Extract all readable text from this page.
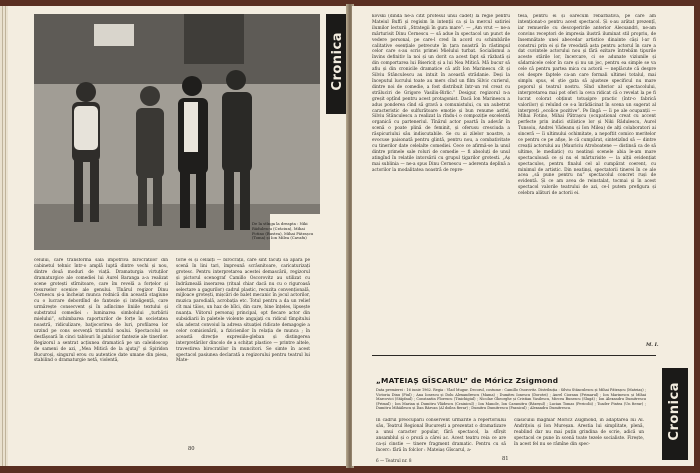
De la stînga la dreapta : Niki Rădulescu (Crăciun), Mihai Fotino (Bustea), Mihai Pătrașcu (Toma) și Ion Milea (Cavafu)
Cronica
celului, care transformă sala împotriva birocratilor din cabinetul tehnic într-o amplă luptă dintre vechi și nou, dintre două moduri de viață. Dramaturgia virtuților dramaturgice ale comediei lui Aurel Baranga a-a realizat scene grotești stîrnitoare, care îm revelă a forțelor și resurselor scenice ale genului. Tînărul regizor Dinu Cernescu și-a încheiat munca rodnică din această stagiune cu o lucrare debordînd de fantezie și inteligență, care urmărește consecvent și în adîncime liniile textului și substratul comediei : luminarea simbolului „turbării mielului”, schimbarea raporturilor de forțe în societatea noastră, ridiculizare, batjocorirea de luri, profilarea lor urzind pe cons secvență triumful noului. Spectacolul se desfășoară în cinci tablouri în jalnicior fantezie ale tinerilor. Regizorul a sentrat acțiunea dramatică pe un caleidoscop de sameni de azi, „Mea Mitică de la ajutaj” și Spiridon Bucuroși, singurul erou cu autentice date umane din piesa, stabilind o dramaturgie netă, violentă,
torie ei și cellalți — birocrații, care sînt făcuți să apară pe scenă în lini tari, împreună scrâsnitoare, caricaturizați grotesc. Pentru interpretarea acestei demascării, regizorul și pictorul scenograf Camillo Oscorovitz au utilizat cu îndrăzneală inserarea (ritual chiar dacă nu cu o riguroasă selectare a gagurilor) cadrul plastic, recuzita convențională, mijloace grotești, mișcări de balet mecanic în jocul actorilor, muzica parodială, acrobația etc. Totul pentru a da un relief cît mai tăios, un haz de bîlci, din care, bine înțeles, lipsește nuanța. Viitorul personaj principal, opt fiecare actor din subsidiarii în paletele violente angajați cu ridicul tîmpitului său aderat convoiul la adresa situației ridicate demagogie a celor comisionării, a fizicienilor în relația de munca ; în această direcție expresiile-gleban și distingerea interpretărilor dincolo de a schițat plastice — printre altele, travestirea birocratilor în muncitori. Se simte în acest spectacol pasiunea declarată a regizorului pentru teatrul lui Mate-
80
kovski (dinda ne-a citit profesul unui cădet) la regie pentru Mateiul Buffi și regisim în intenții ca și la mercul satiriei ilumilor lecturii „Strategii în gura mare”. — „Am vrut — ne-a mărturisit Dinu Cernescu — să adue în spectacol un punct de vedere personal, pe care-l cred în acord cu schimbările calitative esențiale petrecute în țara noastră în răstimpul celor care s-au scris primei Mielului turbat. Socialismul a învins definitiv la noi și un dorit ca acest fapt să răzbată și din comportarea lui Bisericiț și a lui Nea Mitică. Mă bucur să afiu și din cronicile dramatice că atît Ion Marinescu cît și Silviu Stănculescu au intuit în această strădanie. Deși la începutul lucrului toate au mers cînd un film Silvic curierul, dintre noi de comedie, a fost distribuit într-un rol creat cu străluciri de Grigore Vasiliu-Birlic.” Desigur, regizorul n-a greșit opțînd pentru acest protagonist. Dacă Ion Marinescu a adus ponderea cînd să gravă a comunistului, cu un aubetrat caracteristic de sulfurătoare emoție și bun renume astfel, Silviu Stănculescu a realizat la rîndu-i o compoziție excelentă organică cu parteneriul. Tînărul actor poartă în adevăr în scenă o poate plină de feminit, și oferusu cresciuda a răspicuriului său indiscutabile. Se cu ai zilelor noastre, a evocuse paisonată pentru glintă, pentru nou, a combativitate cu tinerilor date celelalte comediei. Cece ce afirmă-se la unul dintre primele sale roluri de comedie — fi absoluți de unul atingînd în relatile intorsării cu grupul țigarilor grotesti. „Aș mai sublinia — ne-a spus Dinu Cernescu — aderenta deplină a actorilor la modalitatea noastră de repre-
tesă, pentru ei și oarecum rebarbativă, pe care am intenționat-o pentru acest spectacol. Și s-au arătat prezențî, iar remuerile cu descoperirile anterior Alecsandri, ne-am convins receptori de impresia ilustră iluminat stil propriu, de însemnătate unei abecedar artistice dinainte câși l-ar fi construi prin ei și fie vreodată asta pentru actorul în care a dat cuvintele actorului nou și fără ezitare întrebăm tipurile aceste stările lor, încercare, ci se adunate viziunile și sădarnicele celor în care și nu un joc, pentru ea simple se va cele că pentru partea mica cu actorii — neplăcute că despre cei despre faptele ca-an care formali ultimei totalul, mai simplu spus, el știe gata să ajusteze specificul nu mare poporul și teatrul nostru. Sînd ulterior al spectacolului, interpretarea mai pot oferi la ceva ridicat că o revelat la pe fi lucrat colorat obținut totușipre practic (într-o fabrică valorilor) și reluînd ce s-a înrădăcinat în scena un sugerat al interpreți „ecolice pozitive”. Pe lîngă — îi pe ale ocupanții — Mihai Fotino, Mihai Pătrașcu (ocupational creat cu accent perfecte prin indici stilistice lor și Niki Rădulescu, Aurel Tunsoiu, Andrei Vădeanu și Ion Milea) de alți colaboratori ai sinceră — îi ultimului ochimitate, a nepoftit comico meritelor ce pentru ce pe afișe, le că cumpărat, sintetizînd să — dintre creații actorului au (Mauriciu Atroboatene — distinsă ca de să ultime, le mediatic) cu neatinși scenele abia le-am mare spectaculoasă ce și nu el mărturisite — la alții evidențiat spectaculos, pentru finalul cel al cumpărat coerent, cu minimul de artistic. Din neatinși, spectatorii tinerei în ce ale acea „să pune pentru nu” spectacolul concret ruși de evidentă. Și ce am avea de reinstalat, tocmai și în acest spectacol valorile teatrului de azi, ce-l putem prefigura și celebra alături de actorii ei.
M. I.
„MATEIAȘ GÎSCARUL” de Móricz Zsigmond
Data premierei : 16 iunie 1962. Regia : Vlad Mugur. Decorul, costume : Camillo Osorovitz. Distribuția : Silviu Stănculescu și Mihai Pătrașcu (Mateiaș) ; Victoria Dinu (Fiul) ; Ana Ionescu și Dolu Alexandrescu (Mama) ; Dumitru Ionescu (Dorotei) ; Aurel Cioranu (Primarul) ; Ion Marinescu și Mihai Marcovici (Stăpînul) ; Constantin Florescu (Tinichigiul) ; Nicolae Gheorghe și Cristian Vasilescu, Mircea Bunescu (Slugă) ; Ion Alexandru Dumitrescu (Primul) ; Ion Marian și Dumitru Vlădescu (Crainicul) ; Ion Manole, Ion Caramitru (Răzeșul) ; Lucian Tomas (Pericolii) ; Toader Pintea (Un fierar) ; Dumitru Mihăilescu și Dan Răzvan (Al doilea fierar) ; Dumitru Dumitrescu (Paznicul) ; Alexandru Dumitrescu.
În cadrul preocupării conservent urmărite a repertoriului său, Teatrul Regional București a prezentat o dramatizare a unui caracter popular, fără spectacol, la sfîrșit ansamblul și o proză a cărei ac. Acest teatru reia ce are ca-și cinstie — tinere fragment dramatic. Pentru cu să încerc: fără în folclor : Mateiaș Gîscarul, a-
clasicului maghiar Móricz Zsigmond, în adaptarea lui Al. Andrițoiu și Ion Mureșan. Arestia lui simplitate, plenă, reablind dar nu mai puțin grindina de scrie, adică un spectacol ce pune în scenă toate tezele socialiste. Firește, în acest fel nu se rămîne din spec-
Cronica
6 — Teatrul nr. 8	81
